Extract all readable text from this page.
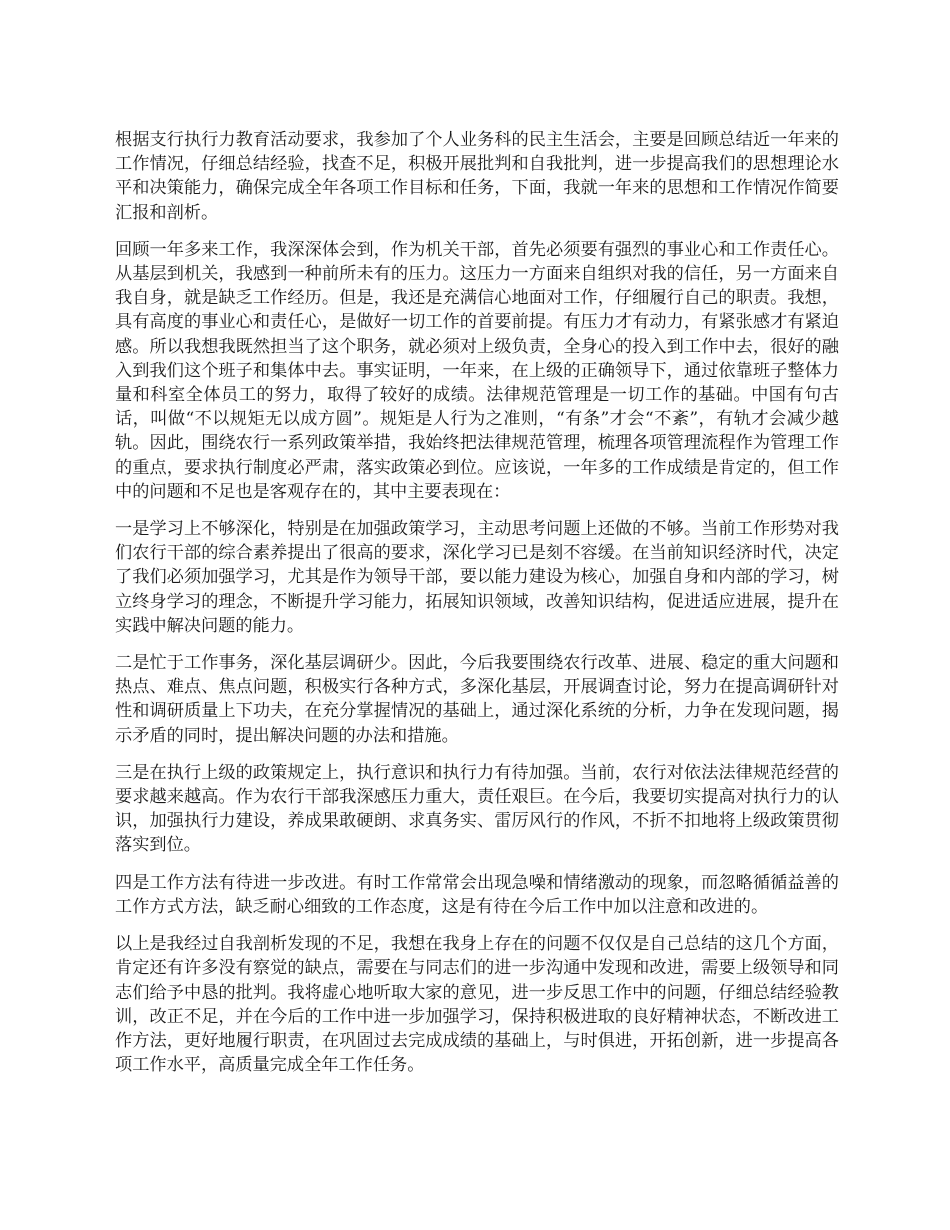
根据支行执行力教育活动要求，我参加了个人业务科的民主生活会，主要是回顾总结近一年来的工作情况，仔细总结经验，找查不足，积极开展批判和自我批判，进一步提高我们的思想理论水平和决策能力，确保完成全年各项工作目标和任务，下面，我就一年来的思想和工作情况作简要汇报和剖析。

回顾一年多来工作，我深深体会到，作为机关干部，首先必须要有强烈的事业心和工作责任心。从基层到机关，我感到一种前所未有的压力。这压力一方面来自组织对我的信任，另一方面来自我自身，就是缺乏工作经历。但是，我还是充满信心地面对工作，仔细履行自己的职责。我想，具有高度的事业心和责任心，是做好一切工作的首要前提。有压力才有动力，有紧张感才有紧迫感。所以我想我既然担当了这个职务，就必须对上级负责，全身心的投入到工作中去，很好的融入到我们这个班子和集体中去。事实证明，一年来，在上级的正确领导下，通过依靠班子整体力量和科室全体员工的努力，取得了较好的成绩。法律规范管理是一切工作的基础。中国有句古话，叫做“不以规矩无以成方圆”。规矩是人行为之准则，“有条”才会“不紊”，有轨才会减少越轨。因此，围绕农行一系列政策举措，我始终把法律规范管理，梳理各项管理流程作为管理工作的重点，要求执行制度必严肃，落实政策必到位。应该说，一年多的工作成绩是肯定的，但工作中的问题和不足也是客观存在的，其中主要表现在：

一是学习上不够深化，特别是在加强政策学习，主动思考问题上还做的不够。当前工作形势对我们农行干部的综合素养提出了很高的要求，深化学习已是刻不容缓。在当前知识经济时代，决定了我们必须加强学习，尤其是作为领导干部，要以能力建设为核心，加强自身和内部的学习，树立终身学习的理念，不断提升学习能力，拓展知识领域，改善知识结构，促进适应进展，提升在实践中解决问题的能力。

二是忙于工作事务，深化基层调研少。因此，今后我要围绕农行改革、进展、稳定的重大问题和热点、难点、焦点问题，积极实行各种方式，多深化基层，开展调查讨论，努力在提高调研针对性和调研质量上下功夫，在充分掌握情况的基础上，通过深化系统的分析，力争在发现问题，揭示矛盾的同时，提出解决问题的办法和措施。

三是在执行上级的政策规定上，执行意识和执行力有待加强。当前，农行对依法法律规范经营的要求越来越高。作为农行干部我深感压力重大，责任艰巨。在今后，我要切实提高对执行力的认识，加强执行力建设，养成果敢硬朗、求真务实、雷厉风行的作风，不折不扣地将上级政策贯彻落实到位。

四是工作方法有待进一步改进。有时工作常常会出现急噪和情绪激动的现象，而忽略循循益善的工作方式方法，缺乏耐心细致的工作态度，这是有待在今后工作中加以注意和改进的。

以上是我经过自我剖析发现的不足，我想在我身上存在的问题不仅仅是自己总结的这几个方面，肯定还有许多没有察觉的缺点，需要在与同志们的进一步沟通中发现和改进，需要上级领导和同志们给予中恳的批判。我将虚心地听取大家的意见，进一步反思工作中的问题，仔细总结经验教训，改正不足，并在今后的工作中进一步加强学习，保持积极进取的良好精神状态，不断改进工作方法，更好地履行职责，在巩固过去完成成绩的基础上，与时俱进，开拓创新，进一步提高各项工作水平，高质量完成全年工作任务。
